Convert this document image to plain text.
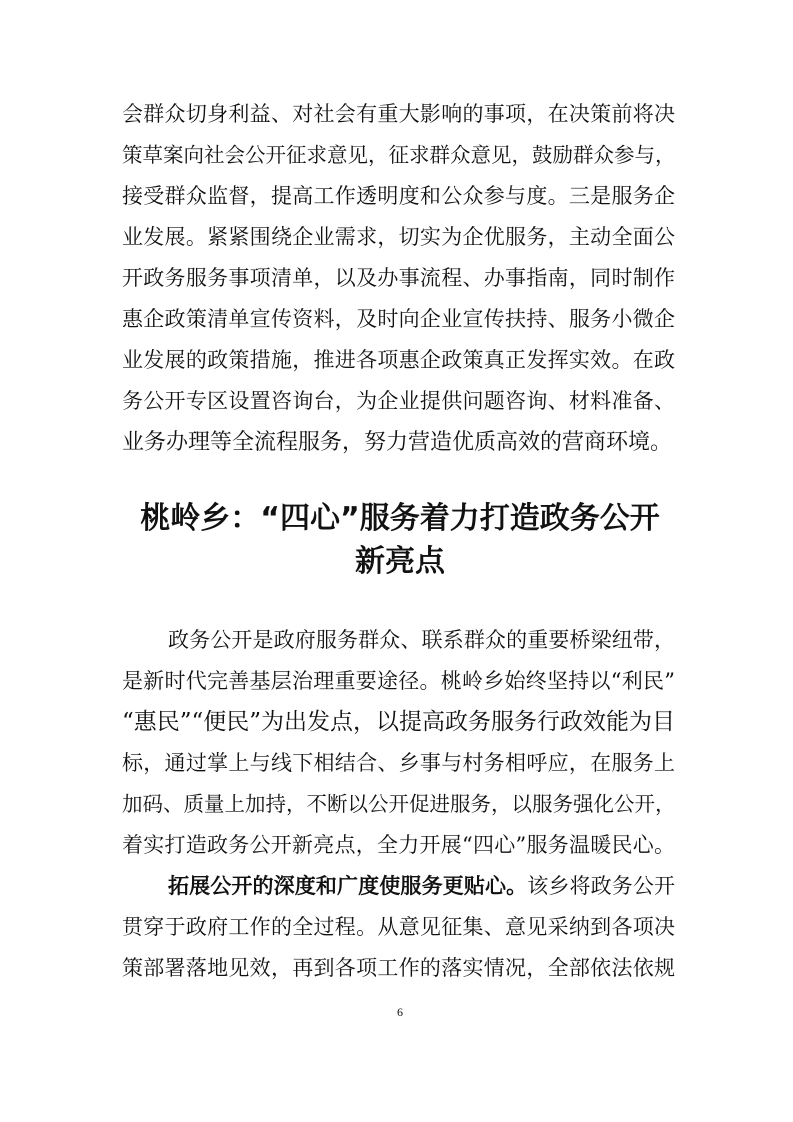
会群众切身利益、对社会有重大影响的事项，在决策前将决
策草案向社会公开征求意见，征求群众意见，鼓励群众参与，
接受群众监督，提高工作透明度和公众参与度。三是服务企
业发展。紧紧围绕企业需求，切实为企优服务，主动全面公
开政务服务事项清单，以及办事流程、办事指南，同时制作
惠企政策清单宣传资料，及时向企业宣传扶持、服务小微企
业发展的政策措施，推进各项惠企政策真正发挥实效。在政
务公开专区设置咨询台，为企业提供问题咨询、材料准备、
业务办理等全流程服务，努力营造优质高效的营商环境。
桃岭乡：“四心”服务着力打造政务公开
新亮点
政务公开是政府服务群众、联系群众的重要桥梁纽带，
是新时代完善基层治理重要途径。桃岭乡始终坚持以“利民”
“惠民”“便民”为出发点，以提高政务服务行政效能为目
标，通过掌上与线下相结合、乡事与村务相呼应，在服务上
加码、质量上加持，不断以公开促进服务，以服务强化公开，
着实打造政务公开新亮点，全力开展“四心”服务温暖民心。
拓展公开的深度和广度使服务更贴心。该乡将政务公开
贯穿于政府工作的全过程。从意见征集、意见采纳到各项决
策部署落地见效，再到各项工作的落实情况，全部依法依规
6
